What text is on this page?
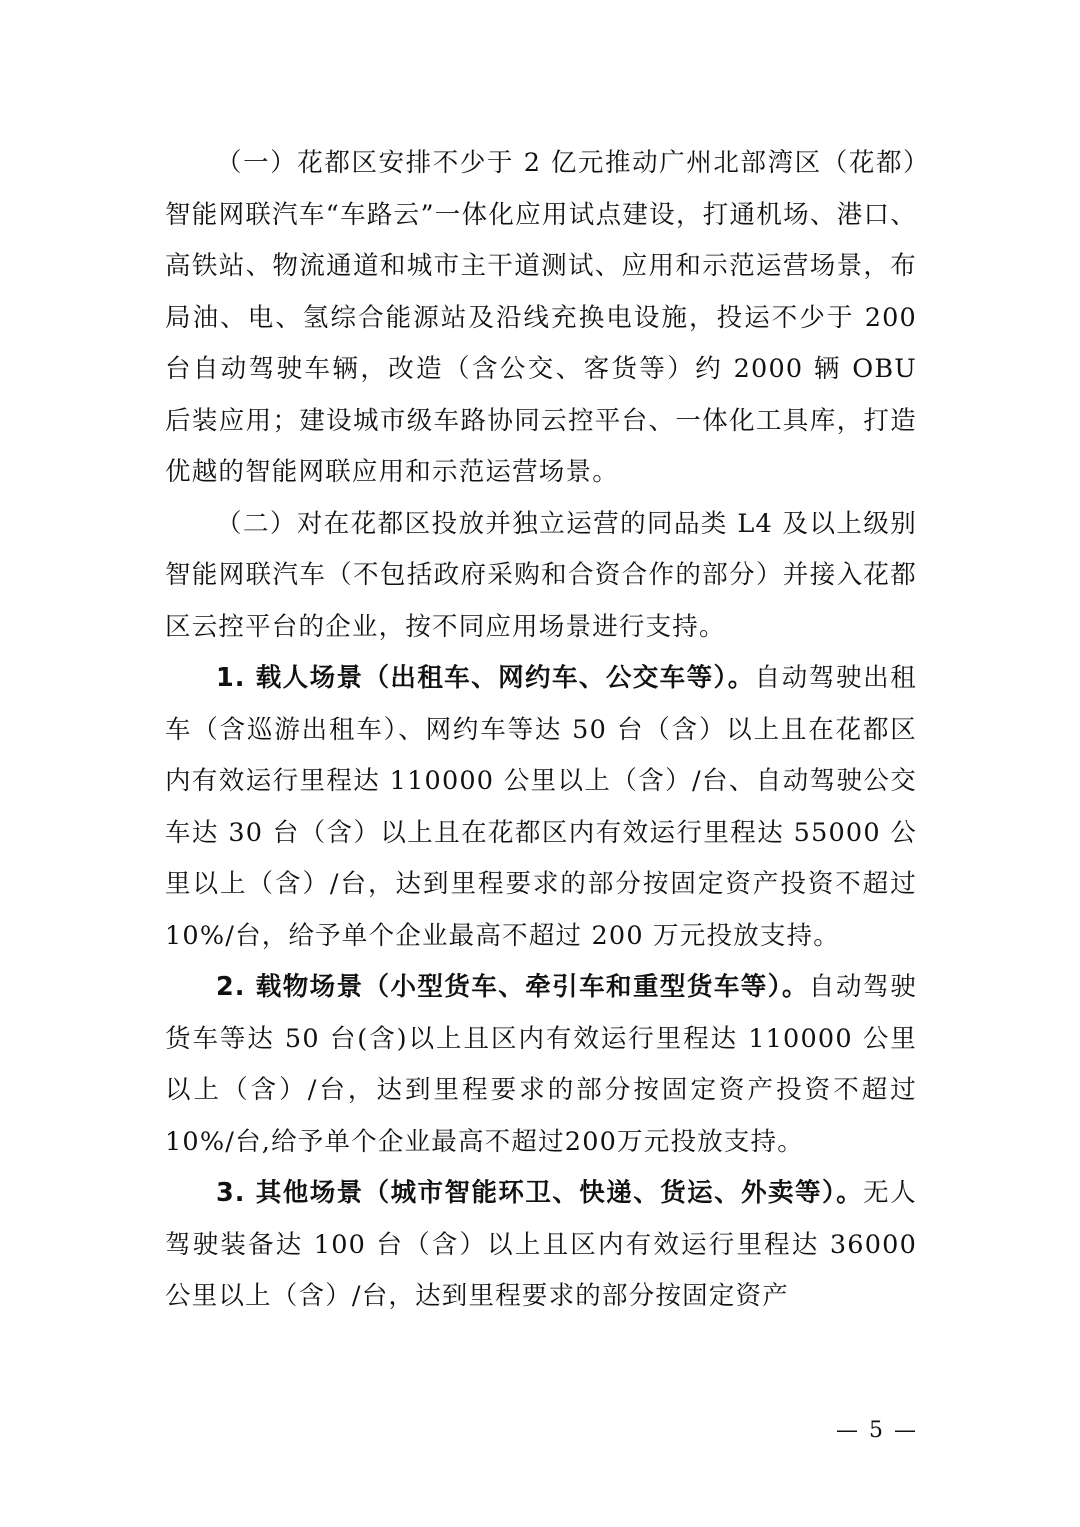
（一）花都区安排不少于 2 亿元推动广州北部湾区（花都）智能网联汽车“车路云”一体化应用试点建设，打通机场、港口、高铁站、物流通道和城市主干道测试、应用和示范运营场景，布局油、电、氢综合能源站及沿线充换电设施，投运不少于 200 台自动驾驶车辆，改造（含公交、客货等）约 2000 辆 OBU 后装应用；建设城市级车路协同云控平台、一体化工具库，打造优越的智能网联应用和示范运营场景。

（二）对在花都区投放并独立运营的同品类 L4 及以上级别智能网联汽车（不包括政府采购和合资合作的部分）并接入花都区云控平台的企业，按不同应用场景进行支持。

1. 载人场景（出租车、网约车、公交车等）。自动驾驶出租车（含巡游出租车）、网约车等达 50 台（含）以上且在花都区内有效运行里程达 110000 公里以上（含）/台、自动驾驶公交车达 30 台（含）以上且在花都区内有效运行里程达 55000 公里以上（含）/台，达到里程要求的部分按固定资产投资不超过 10%/台，给予单个企业最高不超过 200 万元投放支持。

2. 载物场景（小型货车、牵引车和重型货车等）。自动驾驶货车等达 50 台(含)以上且区内有效运行里程达 110000 公里以上（含）/台，达到里程要求的部分按固定资产投资不超过10%/台,给予单个企业最高不超过200万元投放支持。

3. 其他场景（城市智能环卫、快递、货运、外卖等）。无人驾驶装备达 100 台（含）以上且区内有效运行里程达 36000 公里以上（含）/台，达到里程要求的部分按固定资产

— 5 —
